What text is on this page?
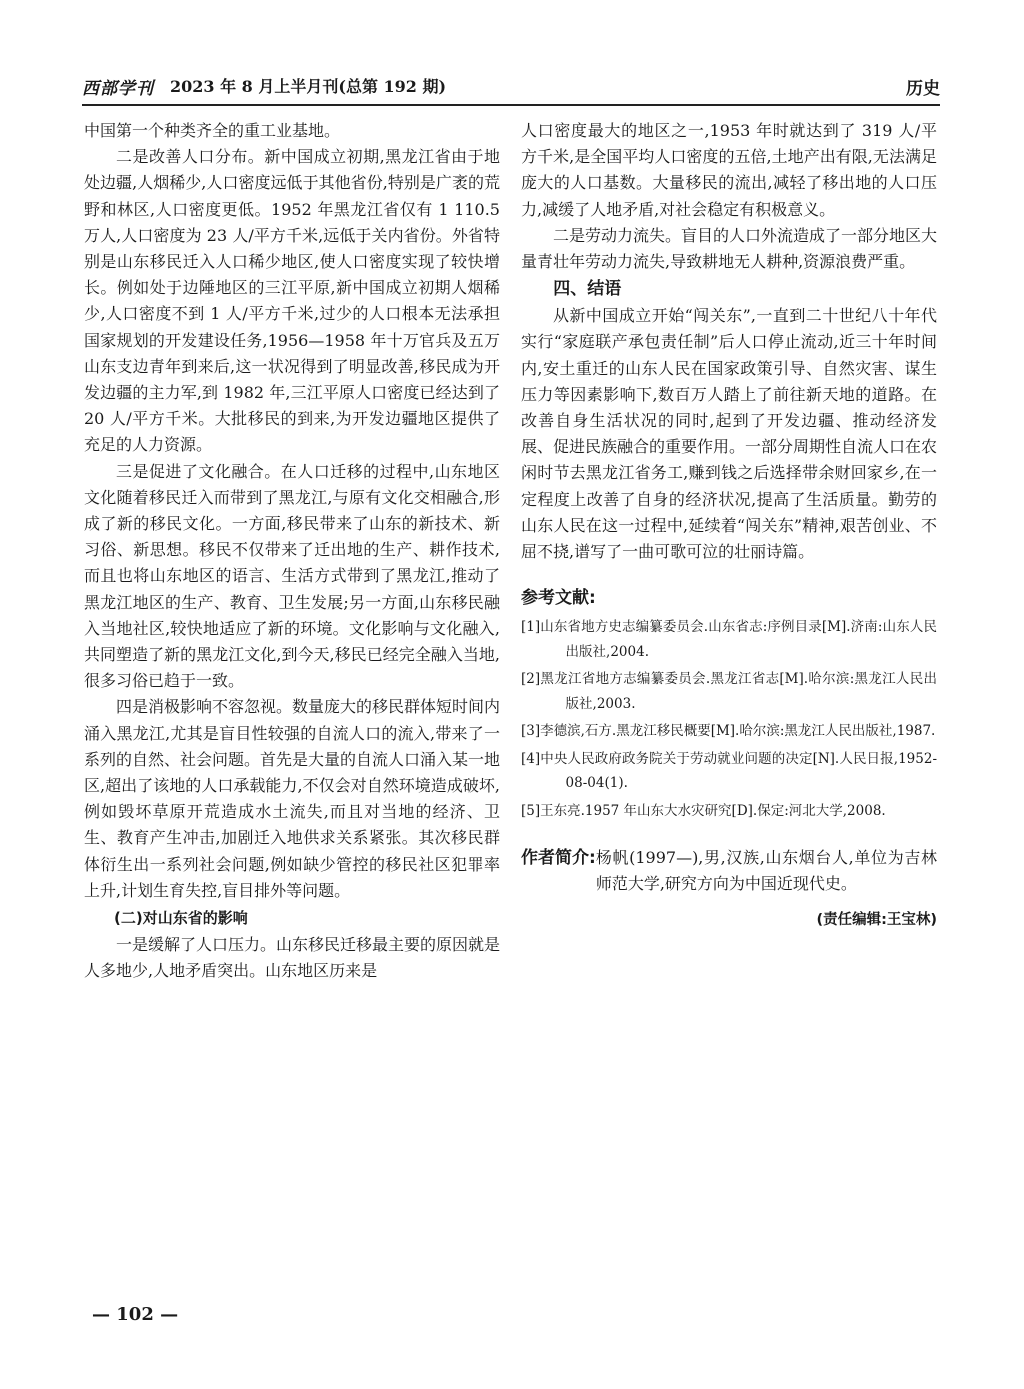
西部学刊 2023 年 8 月上半月刊(总第 192 期)	历史

中国第一个种类齐全的重工业基地。

二是改善人口分布。新中国成立初期,黑龙江省由于地处边疆,人烟稀少,人口密度远低于其他省份,特别是广袤的荒野和林区,人口密度更低。1952 年黑龙江省仅有 1 110.5 万人,人口密度为 23 人/平方千米,远低于关内省份。外省特别是山东移民迁入人口稀少地区,使人口密度实现了较快增长。例如处于边陲地区的三江平原,新中国成立初期人烟稀少,人口密度不到 1 人/平方千米,过少的人口根本无法承担国家规划的开发建设任务,1956—1958 年十万官兵及五万山东支边青年到来后,这一状况得到了明显改善,移民成为开发边疆的主力军,到 1982 年,三江平原人口密度已经达到了 20 人/平方千米。大批移民的到来,为开发边疆地区提供了充足的人力资源。

三是促进了文化融合。在人口迁移的过程中,山东地区文化随着移民迁入而带到了黑龙江,与原有文化交相融合,形成了新的移民文化。一方面,移民带来了山东的新技术、新习俗、新思想。移民不仅带来了迁出地的生产、耕作技术,而且也将山东地区的语言、生活方式带到了黑龙江,推动了黑龙江地区的生产、教育、卫生发展;另一方面,山东移民融入当地社区,较快地适应了新的环境。文化影响与文化融入,共同塑造了新的黑龙江文化,到今天,移民已经完全融入当地,很多习俗已趋于一致。

四是消极影响不容忽视。数量庞大的移民群体短时间内涌入黑龙江,尤其是盲目性较强的自流人口的流入,带来了一系列的自然、社会问题。首先是大量的自流人口涌入某一地区,超出了该地的人口承载能力,不仅会对自然环境造成破坏,例如毁坏草原开荒造成水土流失,而且对当地的经济、卫生、教育产生冲击,加剧迁入地供求关系紧张。其次移民群体衍生出一系列社会问题,例如缺少管控的移民社区犯罪率上升,计划生育失控,盲目排外等问题。

(二)对山东省的影响

一是缓解了人口压力。山东移民迁移最主要的原因就是人多地少,人地矛盾突出。山东地区历来是

人口密度最大的地区之一,1953 年时就达到了 319 人/平方千米,是全国平均人口密度的五倍,土地产出有限,无法满足庞大的人口基数。大量移民的流出,减轻了移出地的人口压力,减缓了人地矛盾,对社会稳定有积极意义。

二是劳动力流失。盲目的人口外流造成了一部分地区大量青壮年劳动力流失,导致耕地无人耕种,资源浪费严重。

四、结语

从新中国成立开始“闯关东”,一直到二十世纪八十年代实行“家庭联产承包责任制”后人口停止流动,近三十年时间内,安土重迁的山东人民在国家政策引导、自然灾害、谋生压力等因素影响下,数百万人踏上了前往新天地的道路。在改善自身生活状况的同时,起到了开发边疆、推动经济发展、促进民族融合的重要作用。一部分周期性自流人口在农闲时节去黑龙江省务工,赚到钱之后选择带余财回家乡,在一定程度上改善了自身的经济状况,提高了生活质量。勤劳的山东人民在这一过程中,延续着“闯关东”精神,艰苦创业、不屈不挠,谱写了一曲可歌可泣的壮丽诗篇。

参考文献:
[1]山东省地方史志编纂委员会.山东省志:序例目录[M].济南:山东人民出版社,2004.
[2]黑龙江省地方志编纂委员会.黑龙江省志[M].哈尔滨:黑龙江人民出版社,2003.
[3]李德滨,石方.黑龙江移民概要[M].哈尔滨:黑龙江人民出版社,1987.
[4]中央人民政府政务院关于劳动就业问题的决定[N].人民日报,1952-08-04(1).
[5]王东亮.1957 年山东大水灾研究[D].保定:河北大学,2008.
作者简介: 杨帆(1997—),男,汉族,山东烟台人,单位为吉林师范大学,研究方向为中国近现代史。
(责任编辑:王宝林)
— 102 —
